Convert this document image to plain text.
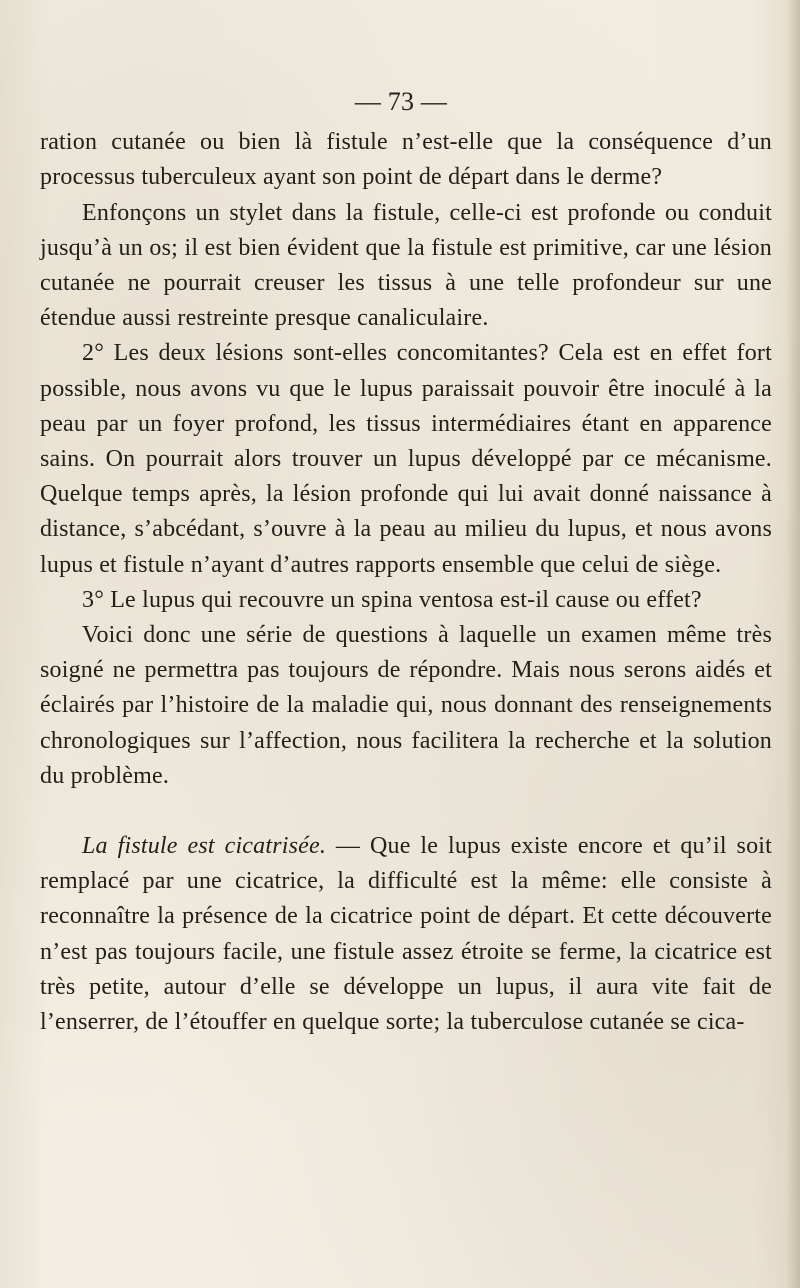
— 73 —

ration cutanée ou bien là fistule n’est-elle que la conséquence d’un processus tuberculeux ayant son point de départ dans le derme?

Enfonçons un stylet dans la fistule, celle-ci est profonde ou conduit jusqu’à un os; il est bien évident que la fistule est primitive, car une lésion cutanée ne pourrait creuser les tissus à une telle profondeur sur une étendue aussi restreinte presque canaliculaire.

2° Les deux lésions sont-elles concomitantes? Cela est en effet fort possible, nous avons vu que le lupus paraissait pouvoir être inoculé à la peau par un foyer profond, les tissus intermédiaires étant en apparence sains. On pourrait alors trouver un lupus développé par ce mécanisme. Quelque temps après, la lésion profonde qui lui avait donné naissance à distance, s’abcédant, s’ouvre à la peau au milieu du lupus, et nous avons lupus et fistule n’ayant d’autres rapports ensemble que celui de siège.

3° Le lupus qui recouvre un spina ventosa est-il cause ou effet?

Voici donc une série de questions à laquelle un examen même très soigné ne permettra pas toujours de répondre. Mais nous serons aidés et éclairés par l’histoire de la maladie qui, nous donnant des renseignements chronologiques sur l’affection, nous facilitera la recherche et la solution du problème.

La fistule est cicatrisée. — Que le lupus existe encore et qu’il soit remplacé par une cicatrice, la difficulté est la même: elle consiste à reconnaître la présence de la cicatrice point de départ. Et cette découverte n’est pas toujours facile, une fistule assez étroite se ferme, la cicatrice est très petite, autour d’elle se développe un lupus, il aura vite fait de l’enserrer, de l’étouffer en quelque sorte; la tuberculose cutanée se cica-
